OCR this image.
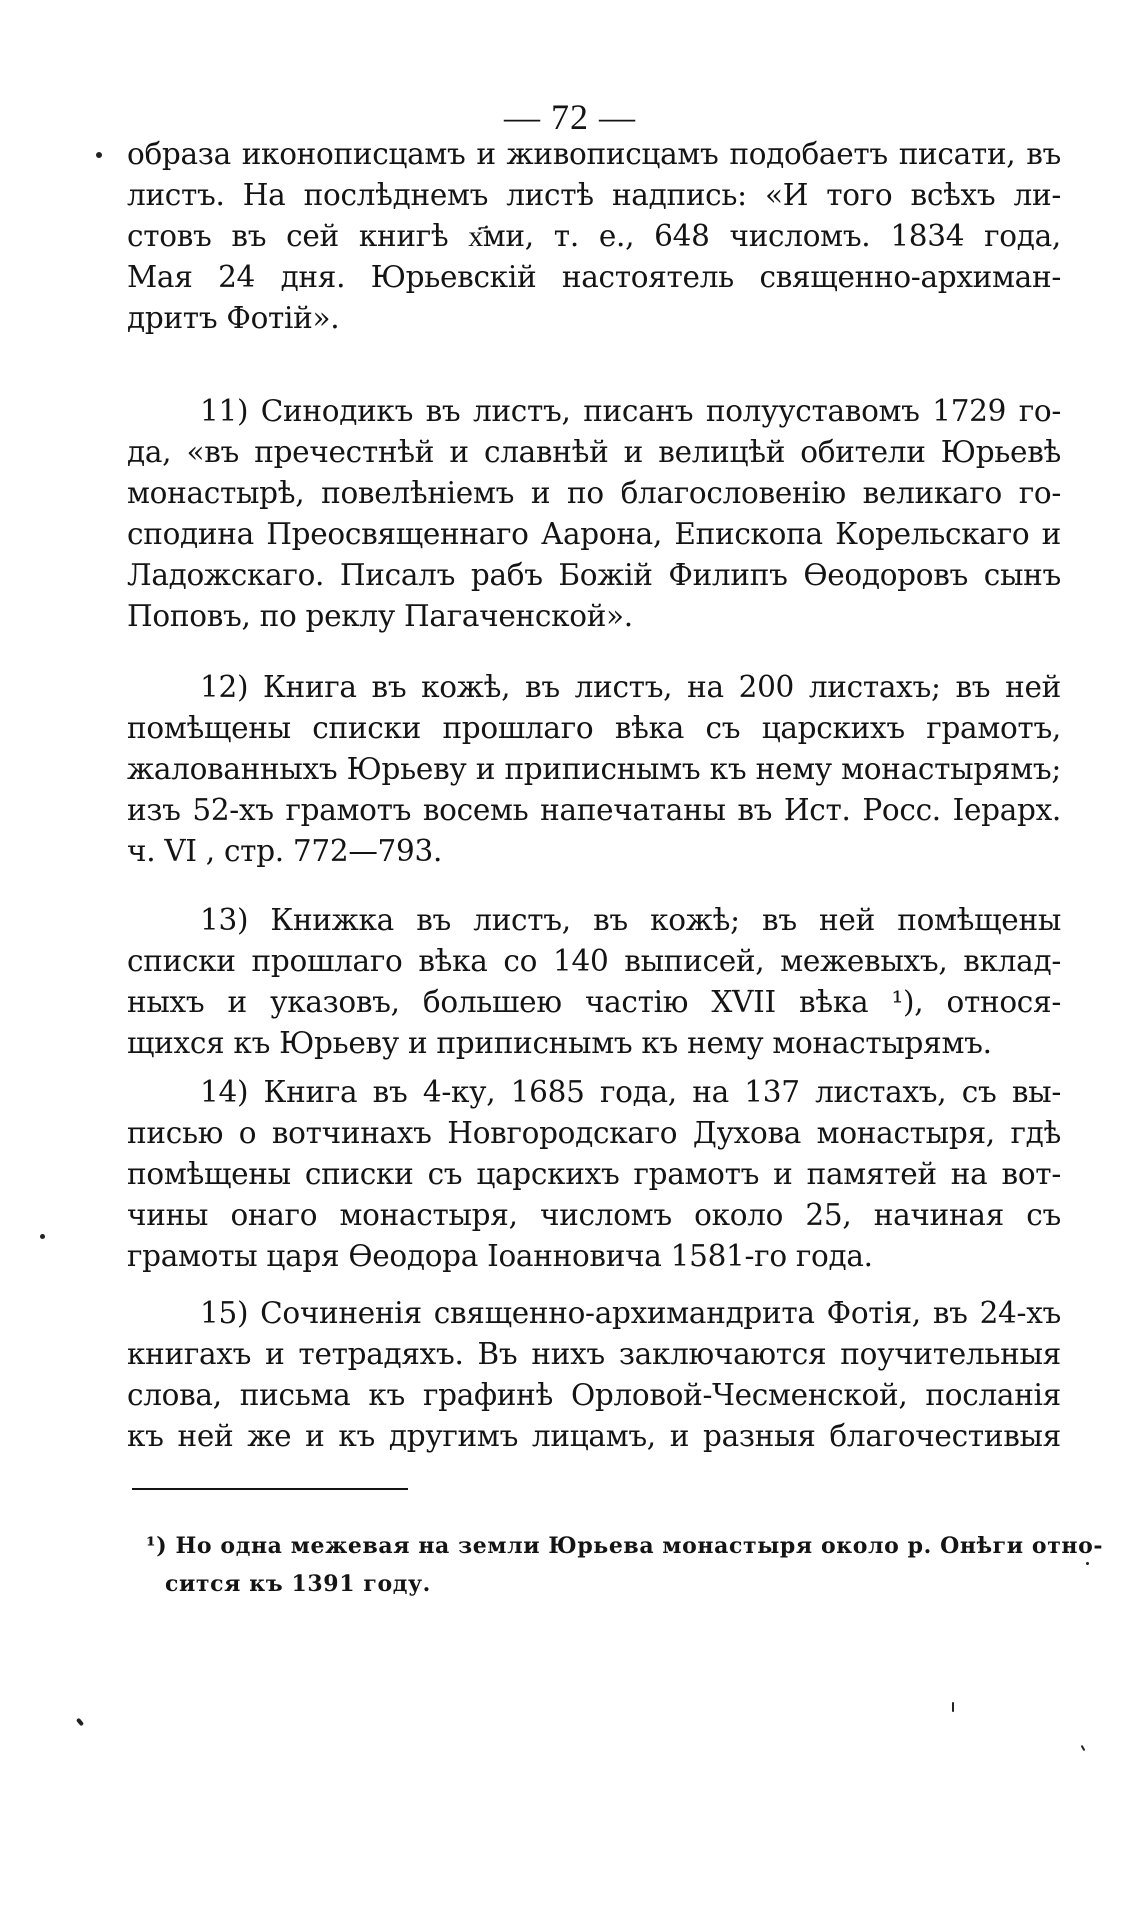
— 72 —
образа иконописцамъ и живописцамъ подобаетъ писати, въ
листъ. На послѣднемъ листѣ надпись: «И того всѣхъ ли-
стовъ въ сей книгѣ х҃ми, т. е., 648 числомъ. 1834 года,
Мая 24 дня. Юрьевскій настоятель священно-архиман-
дритъ Фотій».
11) Синодикъ въ листъ, писанъ полууставомъ 1729 го-
да, «въ пречестнѣй и славнѣй и велицѣй обители Юрьевѣ
монастырѣ, повелѣніемъ и по благословенію великаго го-
сподина Преосвященнаго Аарона, Епископа Корельскаго и
Ладожскаго. Писалъ рабъ Божій Филипъ Ѳеодоровъ сынъ
Поповъ, по реклу Пагаченской».
12) Книга въ кожѣ, въ листъ, на 200 листахъ; въ ней
помѣщены списки прошлаго вѣка съ царскихъ грамотъ,
жалованныхъ Юрьеву и приписнымъ къ нему монастырямъ;
изъ 52-хъ грамотъ восемь напечатаны въ Ист. Росс. Іерарх.
ч. VI , стр. 772—793.
13) Книжка въ листъ, въ кожѣ; въ ней помѣщены
списки прошлаго вѣка со 140 выписей, межевыхъ, вклад-
ныхъ и указовъ, большею частію XVII вѣка ¹), относя-
щихся къ Юрьеву и приписнымъ къ нему монастырямъ.
14) Книга въ 4-ку, 1685 года, на 137 листахъ, съ вы-
писью о вотчинахъ Новгородскаго Духова монастыря, гдѣ
помѣщены списки съ царскихъ грамотъ и памятей на вот-
чины онаго монастыря, числомъ около 25, начиная съ
грамоты царя Ѳеодора Іоанновича 1581-го года.
15) Сочиненія священно-архимандрита Фотія, въ 24-хъ
книгахъ и тетрадяхъ. Въ нихъ заключаются поучительныя
слова, письма къ графинѣ Орловой-Чесменской, посланія
къ ней же и къ другимъ лицамъ, и разныя благочестивыя
¹) Но одна межевая на земли Юрьева монастыря около р. Онѣги отно-
сится къ 1391 году.
